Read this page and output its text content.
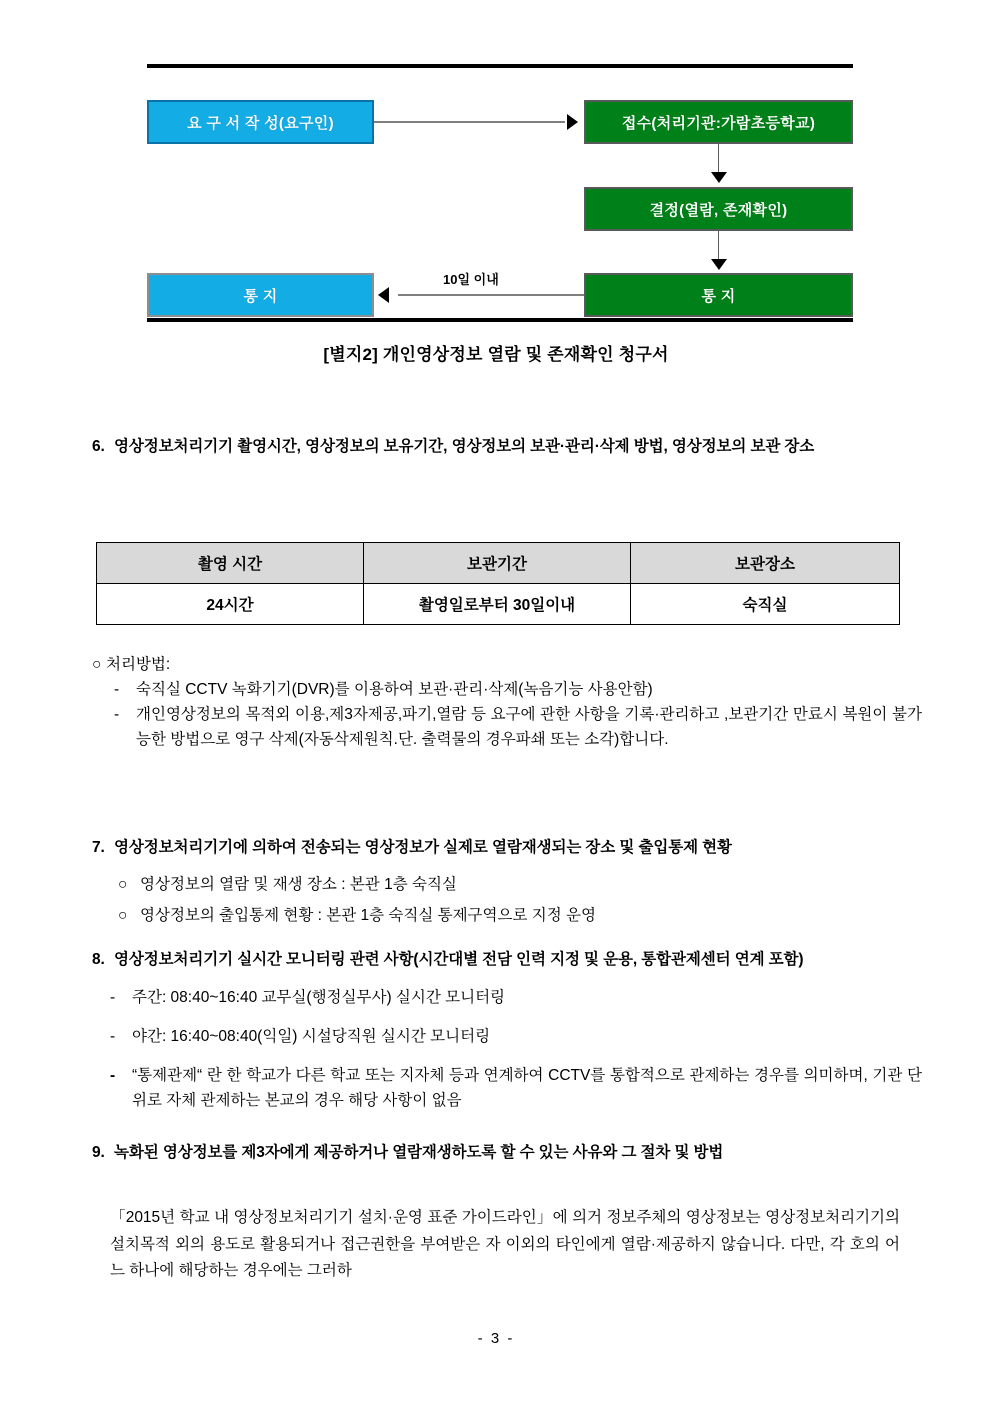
요 구 서 작 성(요구인)	접수(처리기관:가람초등학교)
결정(열람, 존재확인)
통 지
통 지
10일 이내
[별지2] 개인영상정보 열람 및 존재확인 청구서
6. 영상정보처리기기 촬영시간, 영상정보의 보유기간, 영상정보의 보관·관리·삭제 방법, 영상정보의 보관 장소
촬영 시간	보관기간	보관장소
24시간	촬영일로부터 30일이내	숙직실
○ 처리방법:
- 숙직실 CCTV 녹화기기(DVR)를 이용하여 보관·관리·삭제(녹음기능 사용안함)
- 개인영상정보의 목적외 이용,제3자제공,파기,열람 등 요구에 관한 사항을 기록·관리하고 ,보관기간 만료시 복원이 불가능한 방법으로 영구 삭제(자동삭제원칙.단. 출력물의 경우파쇄 또는 소각)합니다.
7. 영상정보처리기기에 의하여 전송되는 영상정보가 실제로 열람재생되는 장소 및 출입통제 현황
○ 영상정보의 열람 및 재생 장소 : 본관 1층 숙직실
○ 영상정보의 출입통제 현황 : 본관 1층 숙직실 통제구역으로 지정 운영
8. 영상정보처리기기 실시간 모니터링 관련 사항(시간대별 전담 인력 지정 및 운용, 통합관제센터 연계 포함)
- 주간: 08:40~16:40 교무실(행정실무사) 실시간 모니터링
- 야간: 16:40~08:40(익일) 시설당직원 실시간 모니터링
- “통제관제“ 란 한 학교가 다른 학교 또는 지자체 등과 연계하여 CCTV를 통합적으로 관제하는 경우를 의미하며, 기관 단위로 자체 관제하는 본교의 경우 해당 사항이 없음
9. 녹화된 영상정보를 제3자에게 제공하거나 열람재생하도록 할 수 있는 사유와 그 절차 및 방법
「2015년 학교 내 영상정보처리기기 설치·운영 표준 가이드라인」에 의거 정보주체의 영상정보는 영상정보처리기기의 설치목적 외의 용도로 활용되거나 접근권한을 부여받은 자 이외의 타인에게 열람·제공하지 않습니다. 다만, 각 호의 어느 하나에 해당하는 경우에는 그러하
- 3 -
